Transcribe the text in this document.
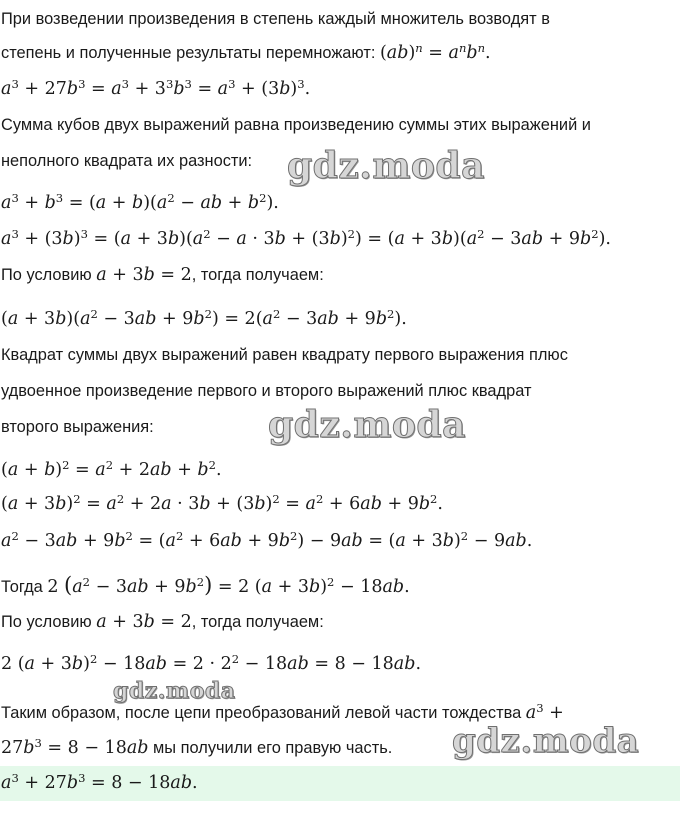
При возведении произведения в степень каждый множитель возводят в
степень и полученные результаты перемножают: $(ab)^n = a^nb^n$.
$a^3 + 27b^3 = a^3 + 3^3b^3 = a^3 + (3b)^3$.
Сумма кубов двух выражений равна произведению суммы этих выражений и
неполного квадрата их разности:
$a^3 + b^3 = (a + b)(a^2$ − ab + $b^2$).
$a^3 + (3b)^3 = (a + 3b)(a^2 - a \cdot 3b + (3b)^2) = (a + 3b)(a^2 - 3ab + 9b^2)$.
По условию a + 3b = 2, тогда получаем:
$(a + 3b)(a^2 - 3ab + 9b^2) = 2(a^2 - 3ab + 9b^2)$.
Квадрат суммы двух выражений равен квадрату первого выражения плюс
удвоенное произведение первого и второго выражений плюс квадрат
второго выражения:
$(a + b)^2 = a^2 + 2ab + b^2$.
$(a + 3b)^2 = a^2 + 2a \cdot 3b + (3b)^2 = a^2 + 6ab + 9b^2$.
$a^2 - 3ab + 9b^2 = (a^2 + 6ab + 9b^2) - 9ab = (a + 3b)^2 - 9ab$.
Тогда 2 $(a^2 - 3ab + 9b^2) = 2$ $(a + 3b)^2 - 18ab$.
По условию a + 3b = 2, тогда получаем:
2 $(a + 3b)^2 - 18ab = 2 \cdot 2^2 - 18ab = 8 - 18ab$.
Таким образом, после цепи преобразований левой части тождества $a^3$ +
$27b^3 = 8 - 18ab$ мы получили его правую часть.
$a^3 + 27b^3 = 8 - 18ab$.
gdz.moda
gdz.moda
gdz.moda
gdz.moda
